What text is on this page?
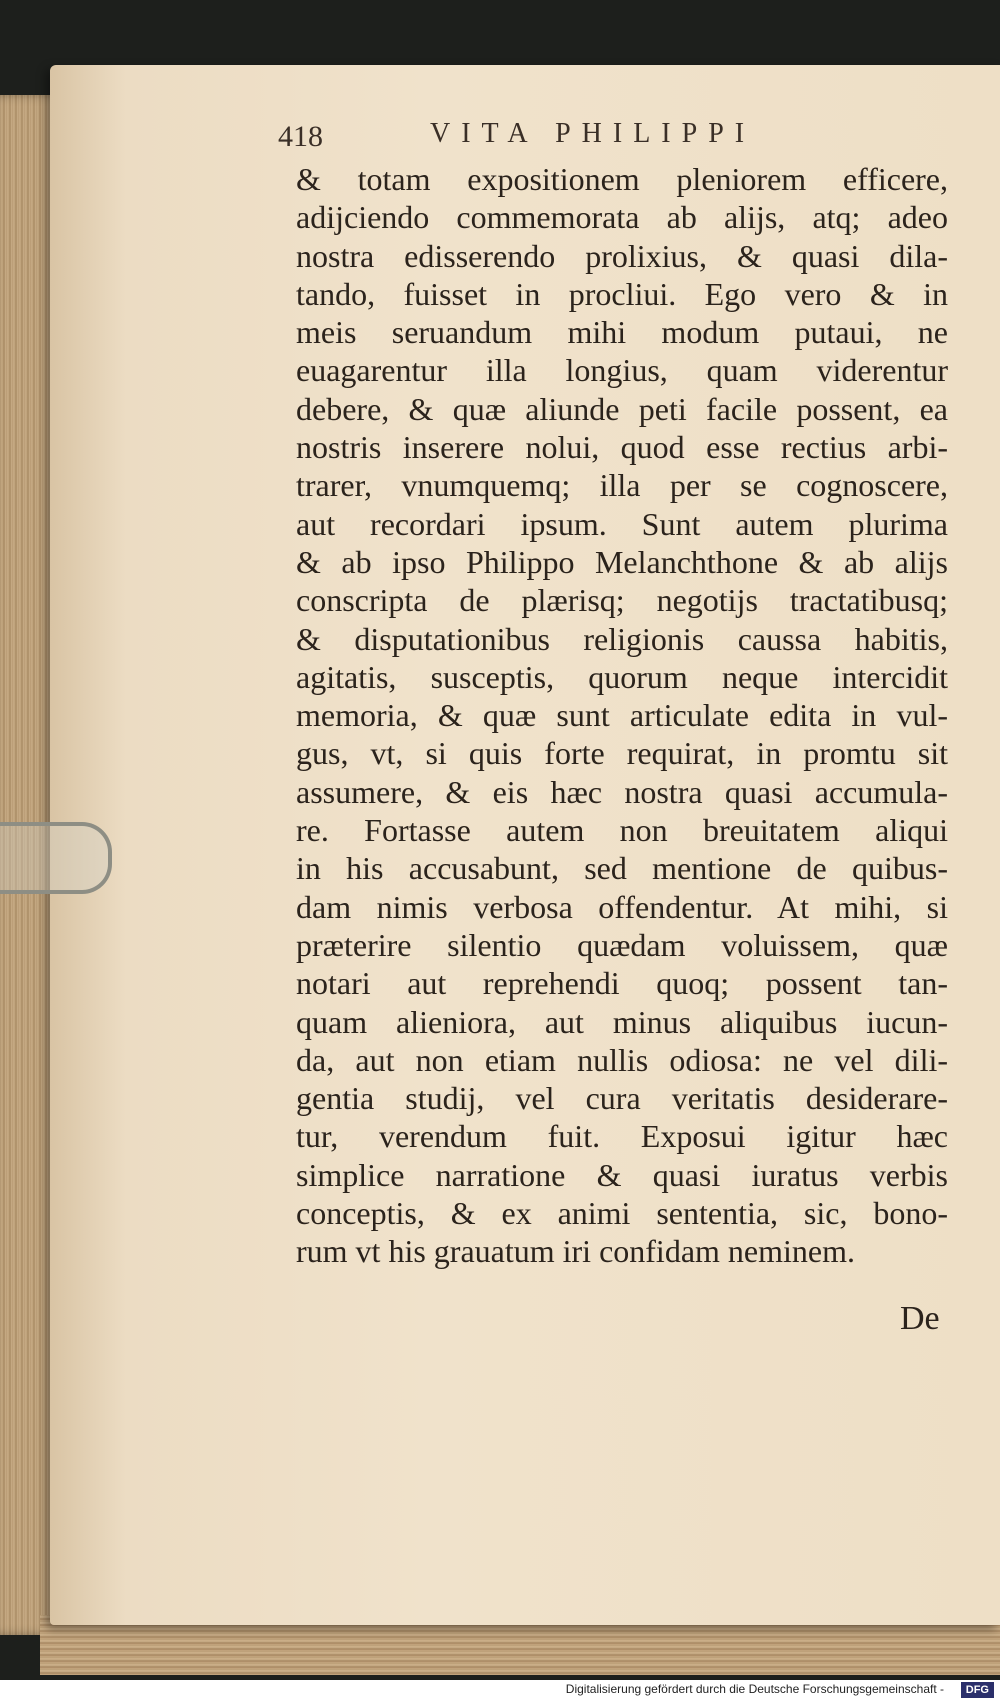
418	VITA PHILIPPI
& totam expositionem pleniorem efficere,
adijciendo commemorata ab alijs, atq; adeo
nostra edisserendo prolixius, & quasi dila-
tando, fuisset in procliui. Ego vero & in
meis seruandum mihi modum putaui, ne
euagarentur illa longius, quam viderentur
debere, & quæ aliunde peti facile possent, ea
nostris inserere nolui, quod esse rectius arbi-
trarer, vnumquemq; illa per se cognoscere,
aut recordari ipsum. Sunt autem plurima
& ab ipso Philippo Melanchthone & ab alijs
conscripta de plærisq; negotijs tractatibusq;
& disputationibus religionis caussa habitis,
agitatis, susceptis, quorum neque intercidit
memoria, & quæ sunt articulate edita in vul-
gus, vt, si quis forte requirat, in promtu sit
assumere, & eis hæc nostra quasi accumula-
re. Fortasse autem non breuitatem aliqui
in his accusabunt, sed mentione de quibus-
dam nimis verbosa offendentur. At mihi, si
præterire silentio quædam voluissem, quæ
notari aut reprehendi quoq; possent tan-
quam alieniora, aut minus aliquibus iucun-
da, aut non etiam nullis odiosa: ne vel dili-
gentia studij, vel cura veritatis desiderare-
tur, verendum fuit. Exposui igitur hæc
simplice narratione & quasi iuratus verbis
conceptis, & ex animi sententia, sic, bono-
rum vt his grauatum iri confidam neminem.
De
Digitalisierung gefördert durch die Deutsche Forschungsgemeinschaft -	DFG
